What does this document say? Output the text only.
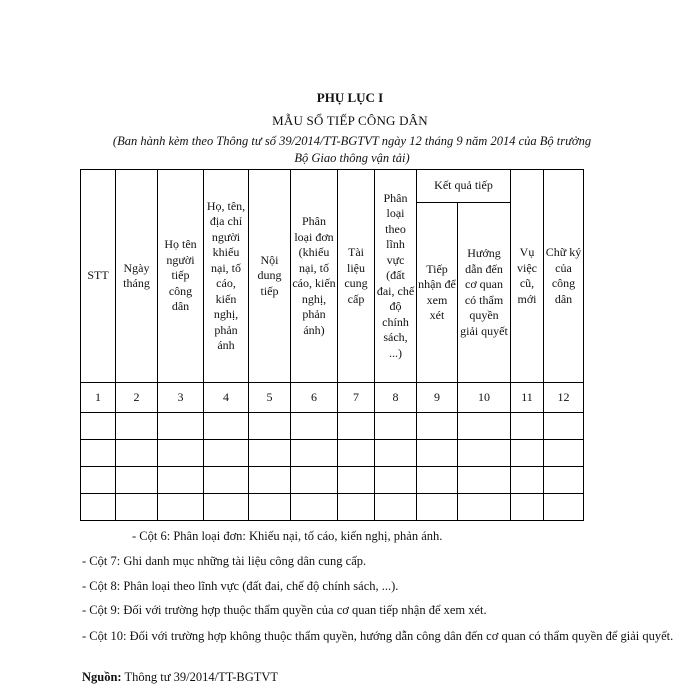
PHỤ LỤC I
MẪU SỔ TIẾP CÔNG DÂN
(Ban hành kèm theo Thông tư số 39/2014/TT-BGTVT ngày 12 tháng 9 năm 2014 của Bộ trưởng
Bộ Giao thông vận tải)
STT	Ngày tháng	Họ tên người tiếp công dân	Họ, tên, địa chỉ người khiếu nại, tố cáo, kiến nghị, phản ánh	Nội dung tiếp	Phân loại đơn (khiếu nại, tố cáo, kiến nghị, phản ánh)	Tài liệu cung cấp	Phân loại theo lĩnh vực (đất đai, chế độ chính sách, ...)	Kết quả tiếp		Vụ việc cũ, mới	Chữ ký của công dân
								Tiếp nhận để xem xét	Hướng dẫn đến cơ quan có thẩm quyền giải quyết		
1	2	3	4	5	6	7	8	9	10	11	12

- Cột 6: Phân loại đơn: Khiếu nại, tố cáo, kiến nghị, phản ánh.

- Cột 7: Ghi danh mục những tài liệu công dân cung cấp.

- Cột 8: Phân loại theo lĩnh vực (đất đai, chế độ chính sách, ...).

- Cột 9: Đối với trường hợp thuộc thẩm quyền của cơ quan tiếp nhận để xem xét.

- Cột 10: Đối với trường hợp không thuộc thẩm quyền, hướng dẫn công dân đến cơ quan có thẩm quyền để giải quyết.

Nguồn: Thông tư 39/2014/TT-BGTVT
